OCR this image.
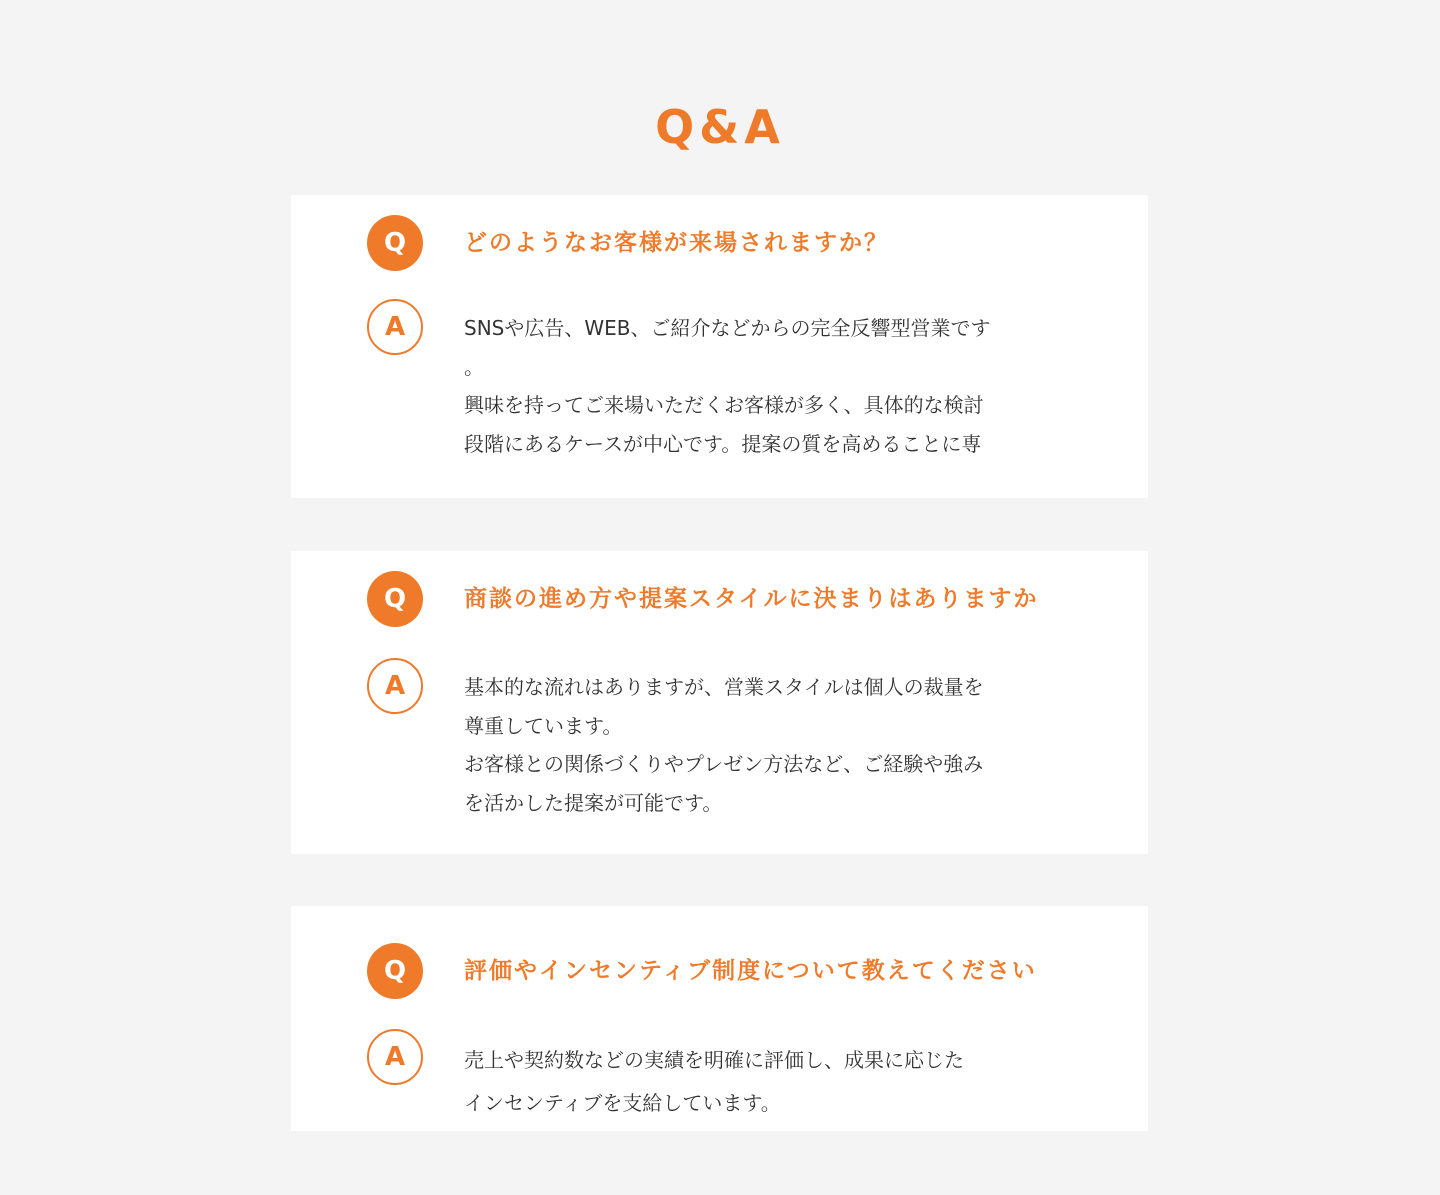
Q&A
Q	どのようなお客様が来場されますか？
A	SNSや広告、WEB、ご紹介などからの完全反響型営業です
。
興味を持ってご来場いただくお客様が多く、具体的な検討
段階にあるケースが中心です。提案の質を高めることに専
Q	商談の進め方や提案スタイルに決まりはありますか
A	基本的な流れはありますが、営業スタイルは個人の裁量を
尊重しています。
お客様との関係づくりやプレゼン方法など、ご経験や強み
を活かした提案が可能です。
Q	評価やインセンティブ制度について教えてください
A	売上や契約数などの実績を明確に評価し、成果に応じた
インセンティブを支給しています。
